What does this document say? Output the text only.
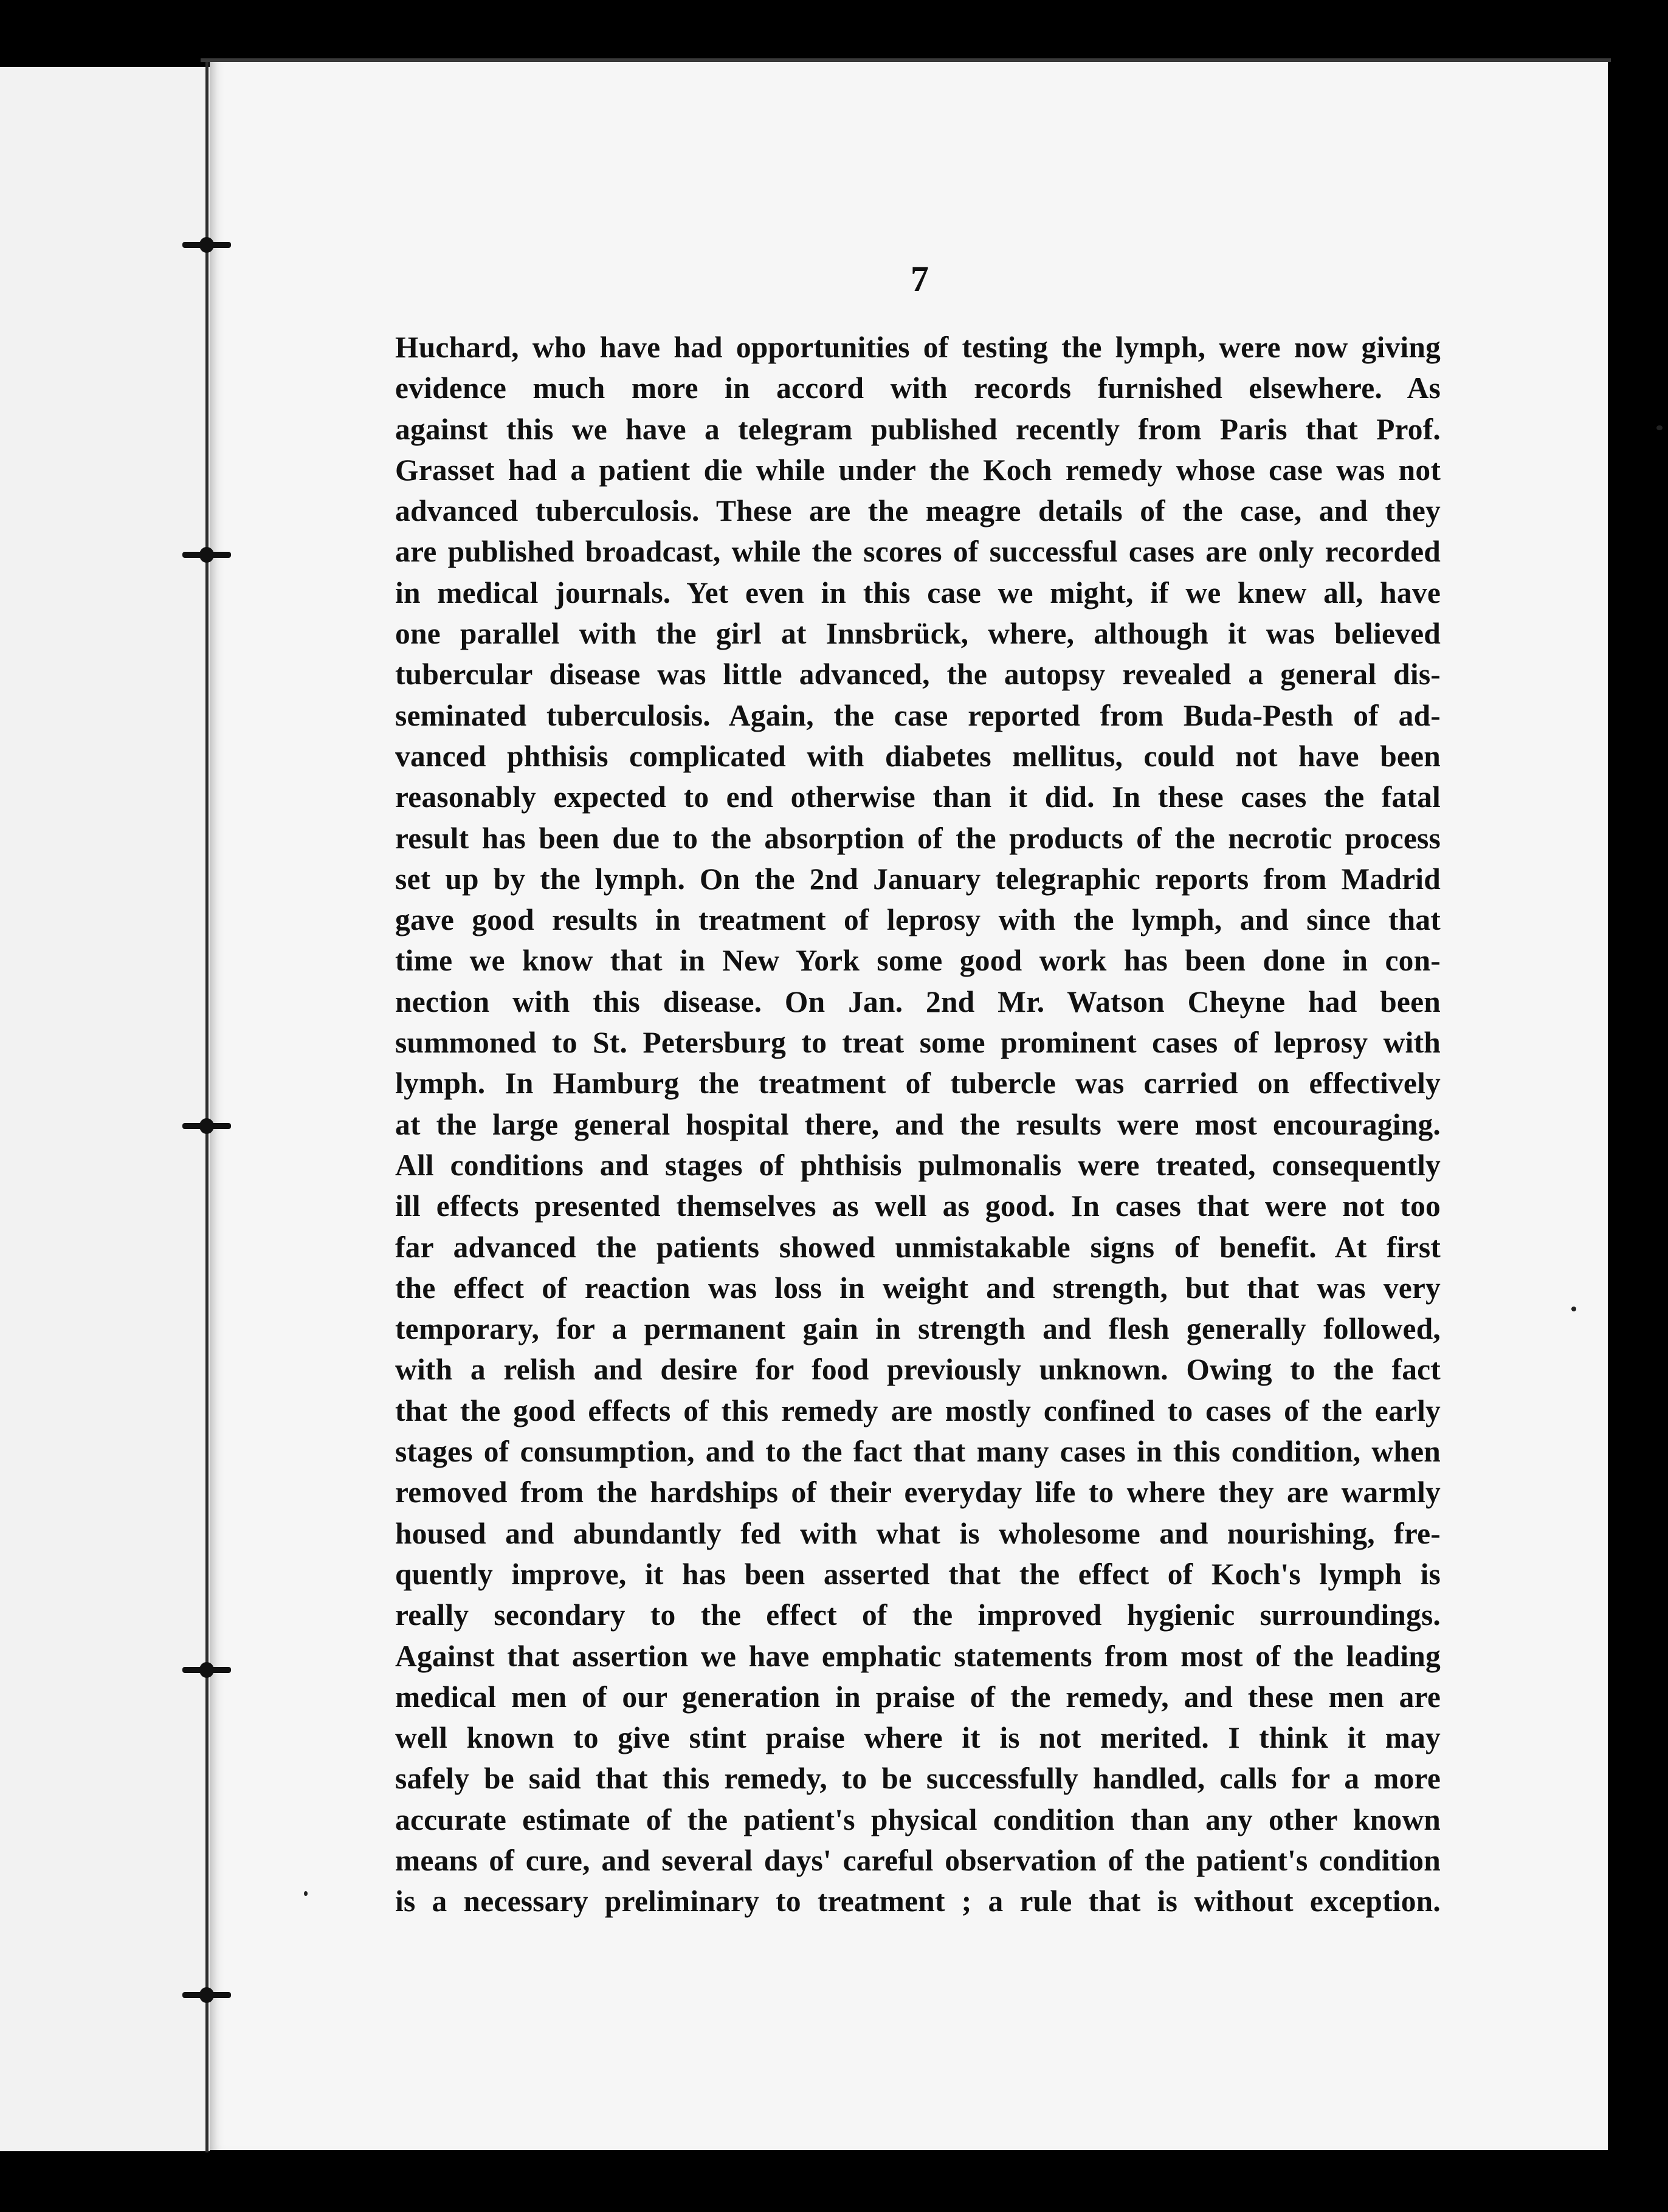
7

Huchard, who have had opportunities of testing the lymph, were now giving
evidence much more in accord with records furnished elsewhere. As
against this we have a telegram published recently from Paris that Prof.
Grasset had a patient die while under the Koch remedy whose case was not
advanced tuberculosis. These are the meagre details of the case, and they
are published broadcast, while the scores of successful cases are only recorded
in medical journals. Yet even in this case we might, if we knew all, have
one parallel with the girl at Innsbrück, where, although it was believed
tubercular disease was little advanced, the autopsy revealed a general dis-
seminated tuberculosis. Again, the case reported from Buda-Pesth of ad-
vanced phthisis complicated with diabetes mellitus, could not have been
reasonably expected to end otherwise than it did. In these cases the fatal
result has been due to the absorption of the products of the necrotic process
set up by the lymph. On the 2nd January telegraphic reports from Madrid
gave good results in treatment of leprosy with the lymph, and since that
time we know that in New York some good work has been done in con-
nection with this disease. On Jan. 2nd Mr. Watson Cheyne had been
summoned to St. Petersburg to treat some prominent cases of leprosy with
lymph. In Hamburg the treatment of tubercle was carried on effectively
at the large general hospital there, and the results were most encouraging.
All conditions and stages of phthisis pulmonalis were treated, consequently
ill effects presented themselves as well as good. In cases that were not too
far advanced the patients showed unmistakable signs of benefit. At first
the effect of reaction was loss in weight and strength, but that was very
temporary, for a permanent gain in strength and flesh generally followed,
with a relish and desire for food previously unknown. Owing to the fact
that the good effects of this remedy are mostly confined to cases of the early
stages of consumption, and to the fact that many cases in this condition, when
removed from the hardships of their everyday life to where they are warmly
housed and abundantly fed with what is wholesome and nourishing, fre-
quently improve, it has been asserted that the effect of Koch's lymph is
really secondary to the effect of the improved hygienic surroundings.
Against that assertion we have emphatic statements from most of the leading
medical men of our generation in praise of the remedy, and these men are
well known to give stint praise where it is not merited. I think it may
safely be said that this remedy, to be successfully handled, calls for a more
accurate estimate of the patient's physical condition than any other known
means of cure, and several days' careful observation of the patient's condition
is a necessary preliminary to treatment ; a rule that is without exception.
